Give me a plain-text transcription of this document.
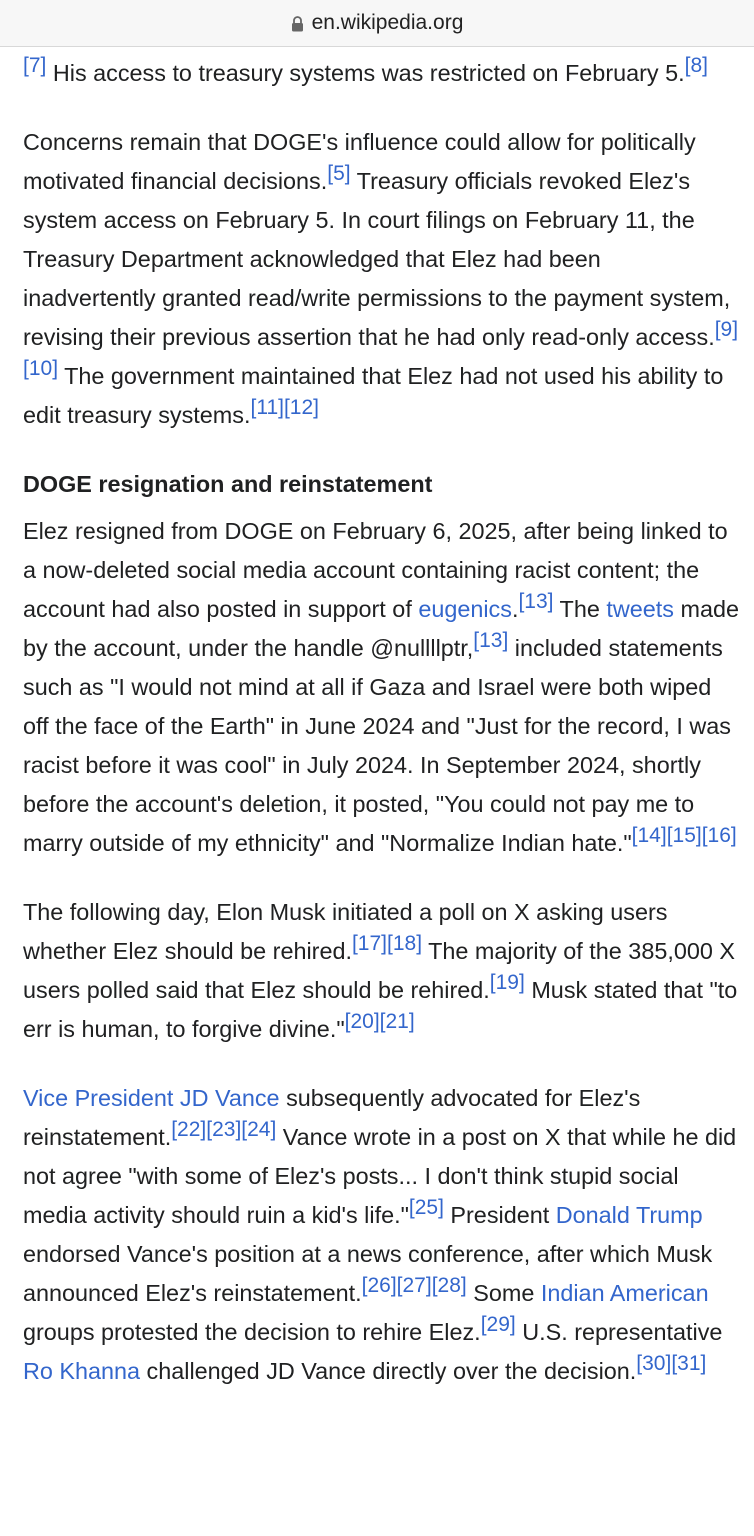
en.wikipedia.org

[7] His access to treasury systems was restricted on February 5.[8]

Concerns remain that DOGE's influence could allow for politically motivated financial decisions.[5] Treasury officials revoked Elez's system access on February 5. In court filings on February 11, the Treasury Department acknowledged that Elez had been inadvertently granted read/write permissions to the payment system, revising their previous assertion that he had only read-only access.[9][10] The government maintained that Elez had not used his ability to edit treasury systems.[11][12]

DOGE resignation and reinstatement

Elez resigned from DOGE on February 6, 2025, after being linked to a now-deleted social media account containing racist content; the account had also posted in support of eugenics.[13] The tweets made by the account, under the handle @nullllptr,[13] included statements such as "I would not mind at all if Gaza and Israel were both wiped off the face of the Earth" in June 2024 and "Just for the record, I was racist before it was cool" in July 2024. In September 2024, shortly before the account's deletion, it posted, "You could not pay me to marry outside of my ethnicity" and "Normalize Indian hate."[14][15][16]

The following day, Elon Musk initiated a poll on X asking users whether Elez should be rehired.[17][18] The majority of the 385,000 X users polled said that Elez should be rehired.[19] Musk stated that "to err is human, to forgive divine."[20][21]

Vice President JD Vance subsequently advocated for Elez's reinstatement.[22][23][24] Vance wrote in a post on X that while he did not agree "with some of Elez's posts... I don't think stupid social media activity should ruin a kid's life."[25] President Donald Trump endorsed Vance's position at a news conference, after which Musk announced Elez's reinstatement.[26][27][28] Some Indian American groups protested the decision to rehire Elez.[29] U.S. representative Ro Khanna challenged JD Vance directly over the decision.[30][31]
